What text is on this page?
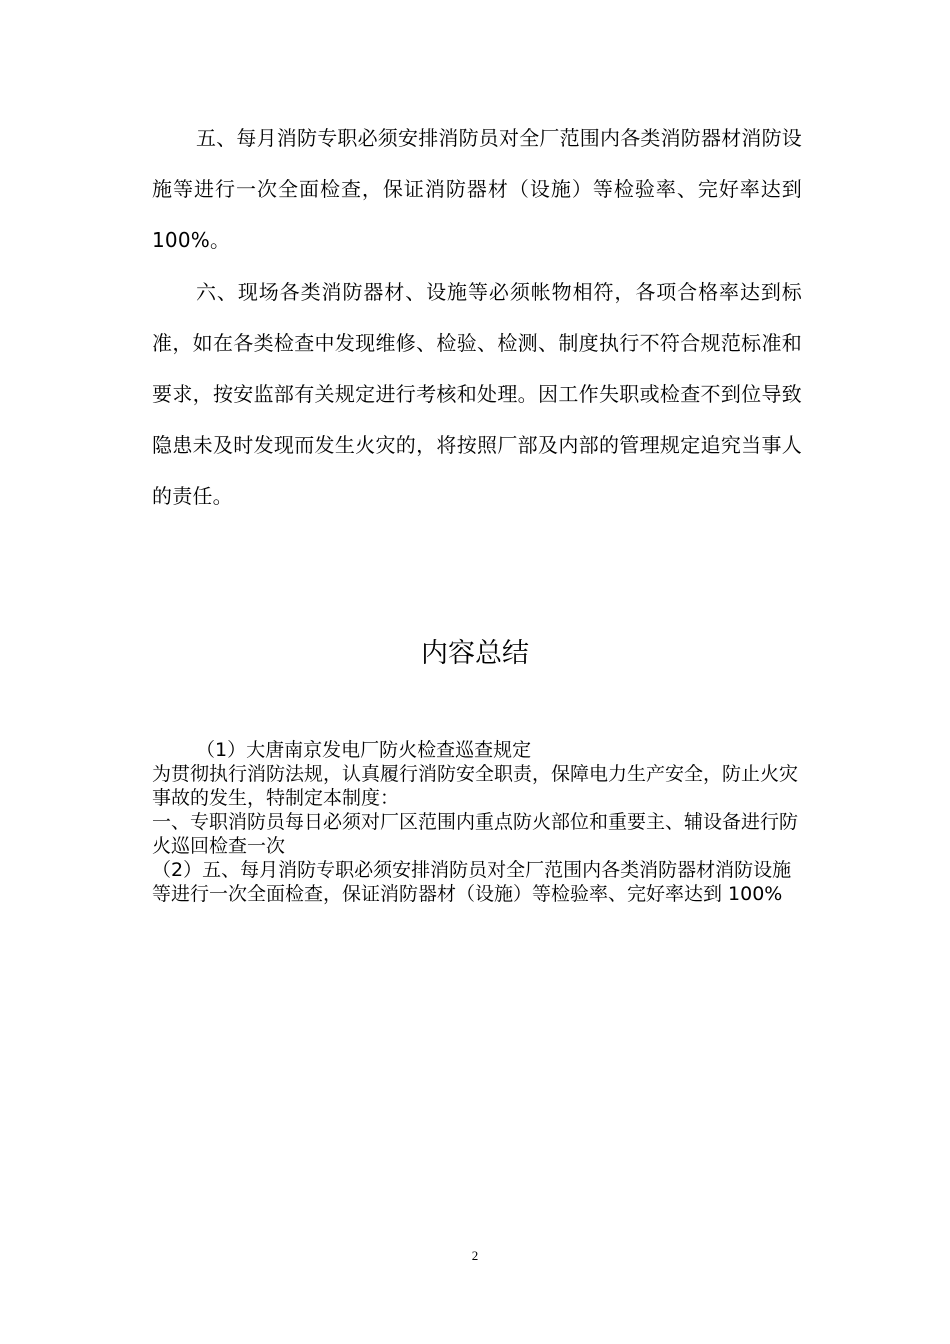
五、每月消防专职必须安排消防员对全厂范围内各类消防器材消防设施等进行一次全面检查，保证消防器材（设施）等检验率、完好率达到 100%。

六、现场各类消防器材、设施等必须帐物相符，各项合格率达到标准，如在各类检查中发现维修、检验、检测、制度执行不符合规范标准和要求，按安监部有关规定进行考核和处理。因工作失职或检查不到位导致隐患未及时发现而发生火灾的，将按照厂部及内部的管理规定追究当事人的责任。

内容总结

（1）大唐南京发电厂防火检查巡查规定

为贯彻执行消防法规，认真履行消防安全职责，保障电力生产安全，防止火灾事故的发生，特制定本制度：

一、专职消防员每日必须对厂区范围内重点防火部位和重要主、辅设备进行防火巡回检查一次

（2）五、每月消防专职必须安排消防员对全厂范围内各类消防器材消防设施等进行一次全面检查，保证消防器材（设施）等检验率、完好率达到 100%

2
